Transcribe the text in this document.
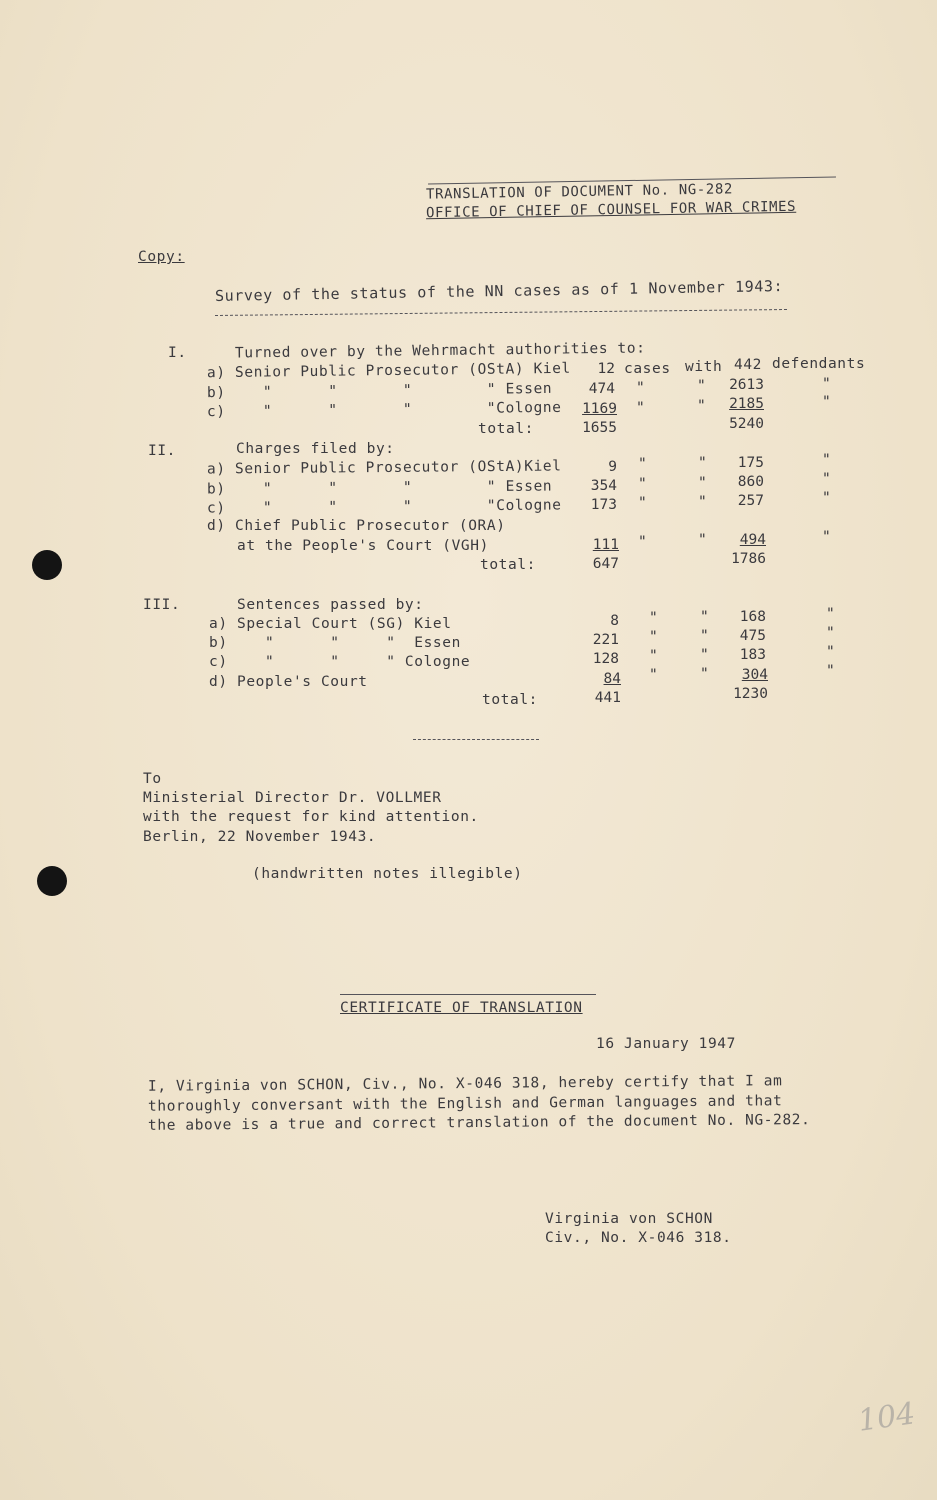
TRANSLATION OF DOCUMENT No. NG-282
OFFICE OF CHIEF OF COUNSEL FOR WAR CRIMES
Copy:
Survey of the status of the NN cases as of 1 November 1943:
I.	Turned over by the Wehrmacht authorities to:
a) Senior Public Prosecutor (OStA) Kiel	12 cases with 442 defendants
b)    "      "       "        " Essen	474 "	"	2613	"
c)    "      "       "        "Cologne	1169 "	"	2185	"
total:	1655	5240
II.	Charges filed by:
a) Senior Public Prosecutor (OStA)Kiel	9 "	"	175	"
b)    "      "       "        " Essen	354 "	"	860	"
c)    "      "       "        "Cologne	173 "	"	257	"
d) Chief Public Prosecutor (ORA)
at the People's Court (VGH)	111 "	"	494	"
total:	647	1786
III.	Sentences passed by:
a) Special Court (SG) Kiel	8 "	"	168	"
b)    "      "     "  Essen	221 "	"	475	"
c)    "      "     " Cologne	128 "	"	183	"
d) People's Court	84 "	"	304	"
total:	441	1230
To
Ministerial Director Dr. VOLLMER
with the request for kind attention.
Berlin, 22 November 1943.
(handwritten notes illegible)
CERTIFICATE OF TRANSLATION
16 January 1947
I, Virginia von SCHON, Civ., No. X-046 318, hereby certify that I am
thoroughly conversant with the English and German languages and that
the above is a true and correct translation of the document No. NG-282.
Virginia von SCHON
Civ., No. X-046 318.
104
